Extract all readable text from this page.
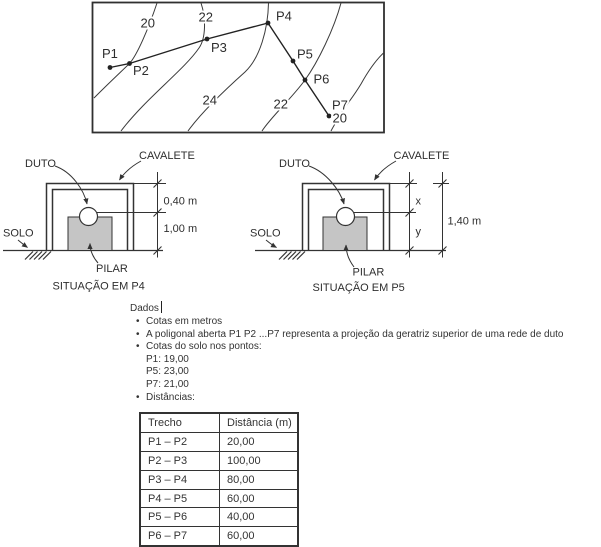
P1
P2
P3
P4
P5
P6
P7
20	22
24	22
20
DUTO
CAVALETE
SOLO
PILAR
0,40 m
1,00 m
SITUAÇÃO EM P4
DUTO
CAVALETE
SOLO
PILAR
x
y
1,40 m
SITUAÇÃO EM P5
Dados
• Cotas em metros
• A poligonal aberta P1 P2 ...P7 representa a projeção da geratriz superior de uma rede de duto
• Cotas do solo nos pontos:
P1: 19,00
P5: 23,00
P7: 21,00
• Distâncias:
Trecho	Distância (m)
P1 – P2	20,00
P2 – P3	100,00
P3 – P4	80,00
P4 – P5	60,00
P5 – P6	40,00
P6 – P7	60,00
